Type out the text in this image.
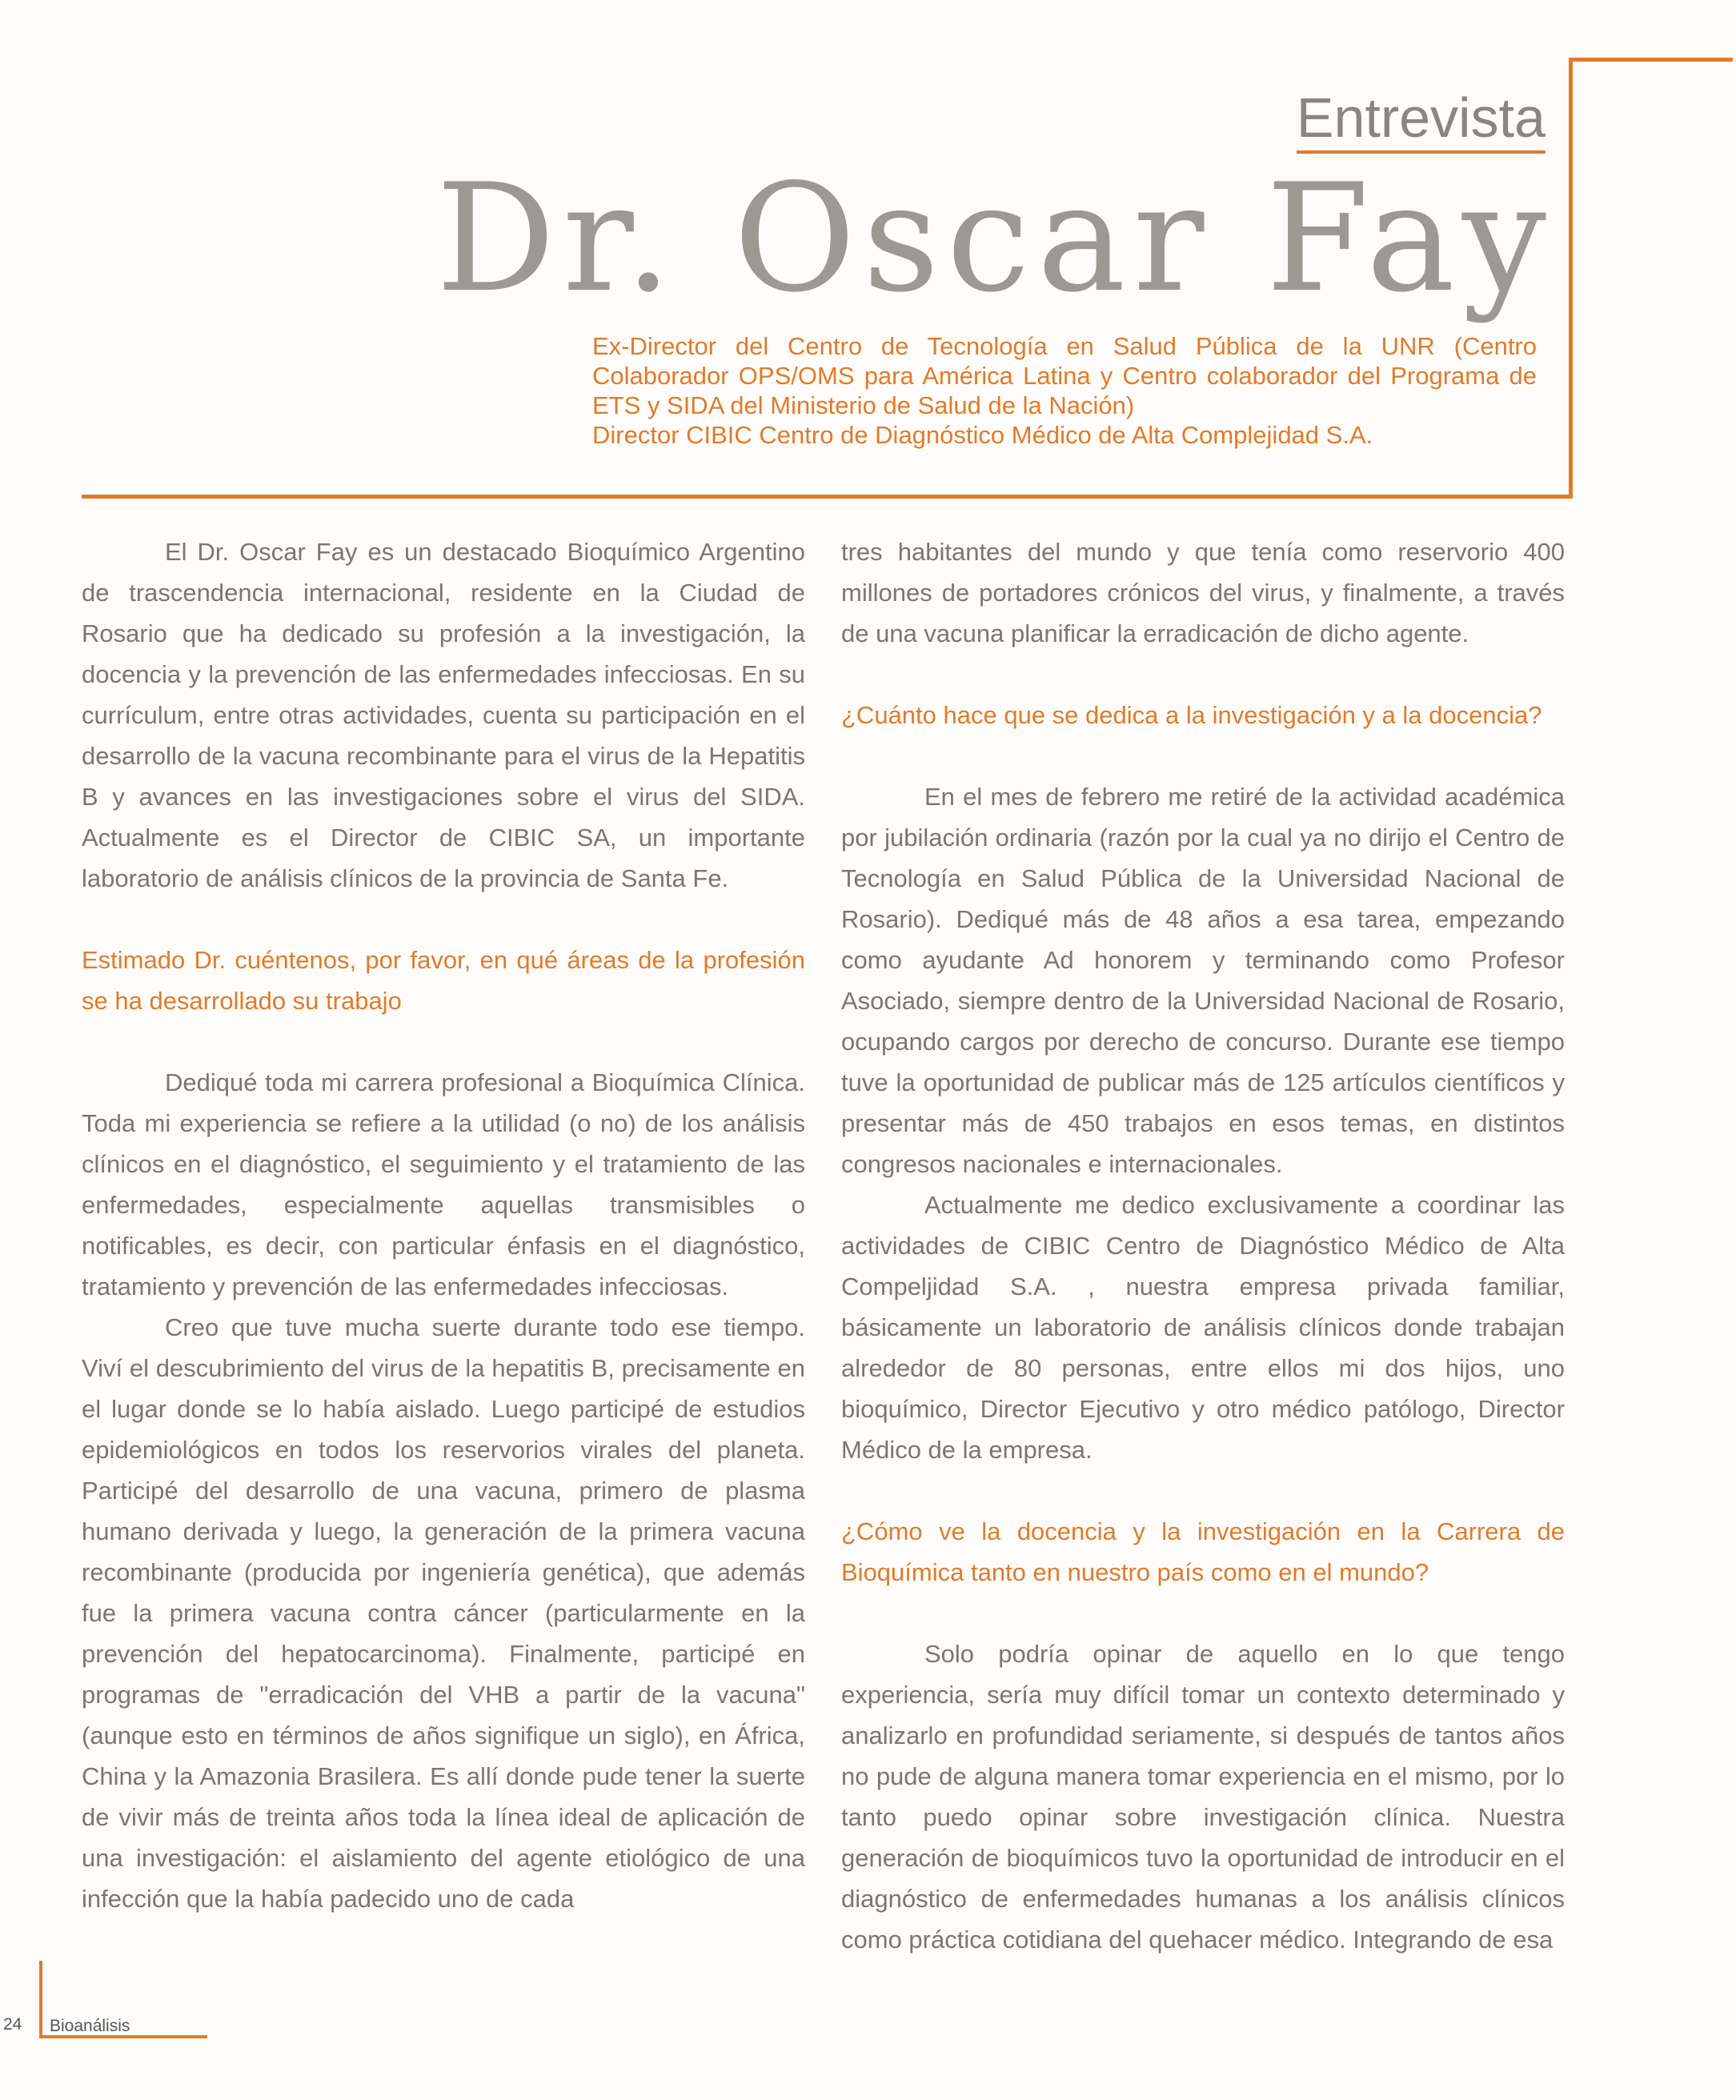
Entrevista
Dr. Oscar Fay

Ex-Director del Centro de Tecnología en Salud Pública de la UNR (Centro Colaborador OPS/OMS para América Latina y Centro colaborador del Programa de ETS y SIDA del Ministerio de Salud de la Nación)

Director CIBIC Centro de Diagnóstico Médico de Alta Complejidad S.A.

El Dr. Oscar Fay es un destacado Bioquímico Argentino de trascendencia internacional, residente en la Ciudad de Rosario que ha dedicado su profesión a la investigación, la docencia y la prevención de las enfermedades infecciosas. En su currículum, entre otras actividades, cuenta su participación en el desarrollo de la vacuna recombinante para el virus de la Hepatitis B y avances en las investigaciones sobre el virus del SIDA. Actualmente es el Director de CIBIC SA, un importante laboratorio de análisis clínicos de la provincia de Santa Fe.

Estimado Dr. cuéntenos, por favor, en qué áreas de la profesión se ha desarrollado su trabajo

Dediqué toda mi carrera profesional a Bioquímica Clínica. Toda mi experiencia se refiere a la utilidad (o no) de los análisis clínicos en el diagnóstico, el seguimiento y el tratamiento de las enfermedades, especialmente aquellas transmisibles o notificables, es decir, con particular énfasis en el diagnóstico, tratamiento y prevención de las enfermedades infecciosas.

Creo que tuve mucha suerte durante todo ese tiempo. Viví el descubrimiento del virus de la hepatitis B, precisamente en el lugar donde se lo había aislado. Luego participé de estudios epidemiológicos en todos los reservorios virales del planeta. Participé del desarrollo de una vacuna, primero de plasma humano derivada y luego, la generación de la primera vacuna recombinante (producida por ingeniería genética), que además fue la primera vacuna contra cáncer (particularmente en la prevención del hepatocarcinoma). Finalmente, participé en programas de "erradicación del VHB a partir de la vacuna" (aunque esto en términos de años signifique un siglo), en África, China y la Amazonia Brasilera. Es allí donde pude tener la suerte de vivir más de treinta años toda la línea ideal de aplicación de una investigación: el aislamiento del agente etiológico de una infección que la había padecido uno de cada

tres habitantes del mundo y que tenía como reservorio 400 millones de portadores crónicos del virus, y finalmente, a través de una vacuna planificar la erradicación de dicho agente.

¿Cuánto hace que se dedica a la investigación y a la docencia?

En el mes de febrero me retiré de la actividad académica por jubilación ordinaria (razón por la cual ya no dirijo el Centro de Tecnología en Salud Pública de la Universidad Nacional de Rosario). Dediqué más de 48 años a esa tarea, empezando como ayudante Ad honorem y terminando como Profesor Asociado, siempre dentro de la Universidad Nacional de Rosario, ocupando cargos por derecho de concurso. Durante ese tiempo tuve la oportunidad de publicar más de 125 artículos científicos y presentar más de 450 trabajos en esos temas, en distintos congresos nacionales e internacionales.

Actualmente me dedico exclusivamente a coordinar las actividades de CIBIC Centro de Diagnóstico Médico de Alta Compeljidad S.A. , nuestra empresa privada familiar, básicamente un laboratorio de análisis clínicos donde trabajan alrededor de 80 personas, entre ellos mi dos hijos, uno bioquímico, Director Ejecutivo y otro médico patólogo, Director Médico de la empresa.

¿Cómo ve la docencia y la investigación en la Carrera de Bioquímica tanto en nuestro país como en el mundo?

Solo podría opinar de aquello en lo que tengo experiencia, sería muy difícil tomar un contexto determinado y analizarlo en profundidad seriamente, si después de tantos años no pude de alguna manera tomar experiencia en el mismo, por lo tanto puedo opinar sobre investigación clínica. Nuestra generación de bioquímicos tuvo la oportunidad de introducir en el diagnóstico de enfermedades humanas a los análisis clínicos como práctica cotidiana del quehacer médico. Integrando de esa

24 Bioanálisis
